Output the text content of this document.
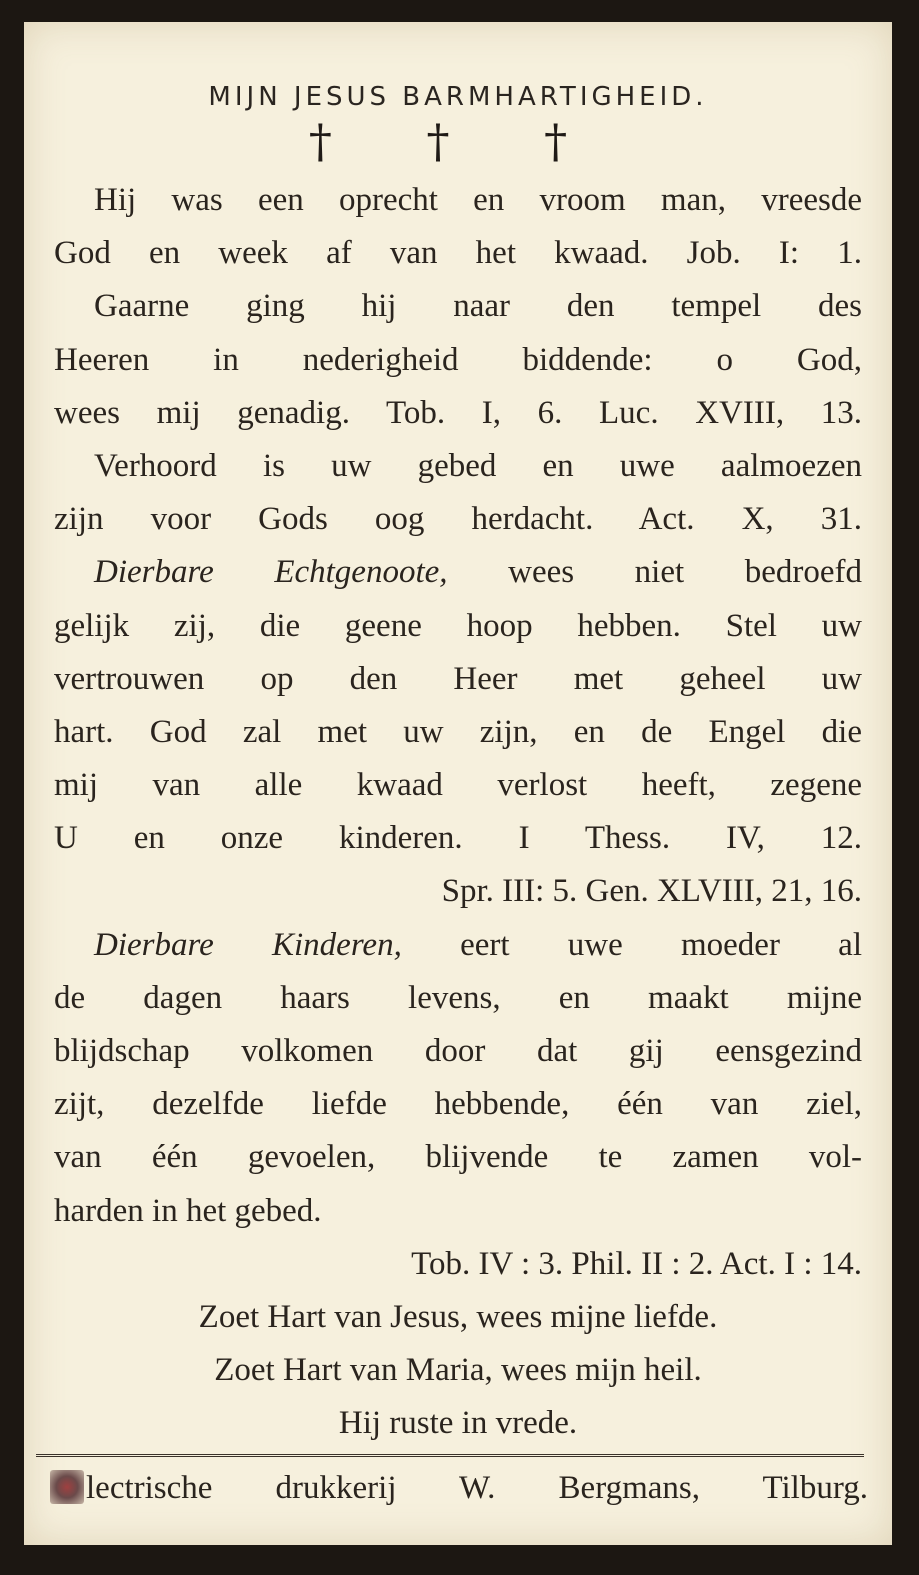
MIJN JESUS BARMHARTIGHEID.
† † †
Hij was een oprecht en vroom man, vreesde
God en week af van het kwaad. Job. I: 1.
Gaarne ging hij naar den tempel des
Heeren in nederigheid biddende: o God,
wees mij genadig. Tob. I, 6. Luc. XVIII, 13.
Verhoord is uw gebed en uwe aalmoezen
zijn voor Gods oog herdacht. Act. X, 31.
Dierbare Echtgenoote, wees niet bedroefd
gelijk zij, die geene hoop hebben. Stel uw
vertrouwen op den Heer met geheel uw
hart. God zal met uw zijn, en de Engel die
mij van alle kwaad verlost heeft, zegene
U en onze kinderen. I Thess. IV, 12.
Spr. III: 5. Gen. XLVIII, 21, 16.
Dierbare Kinderen, eert uwe moeder al
de dagen haars levens, en maakt mijne
blijdschap volkomen door dat gij eensgezind
zijt, dezelfde liefde hebbende, één van ziel,
van één gevoelen, blijvende te zamen vol-
harden in het gebed.
Tob. IV : 3. Phil. II : 2. Act. I : 14.
Zoet Hart van Jesus, wees mijne liefde.
Zoet Hart van Maria, wees mijn heil.
Hij ruste in vrede.
lectrische drukkerij W. Bergmans, Tilburg.
